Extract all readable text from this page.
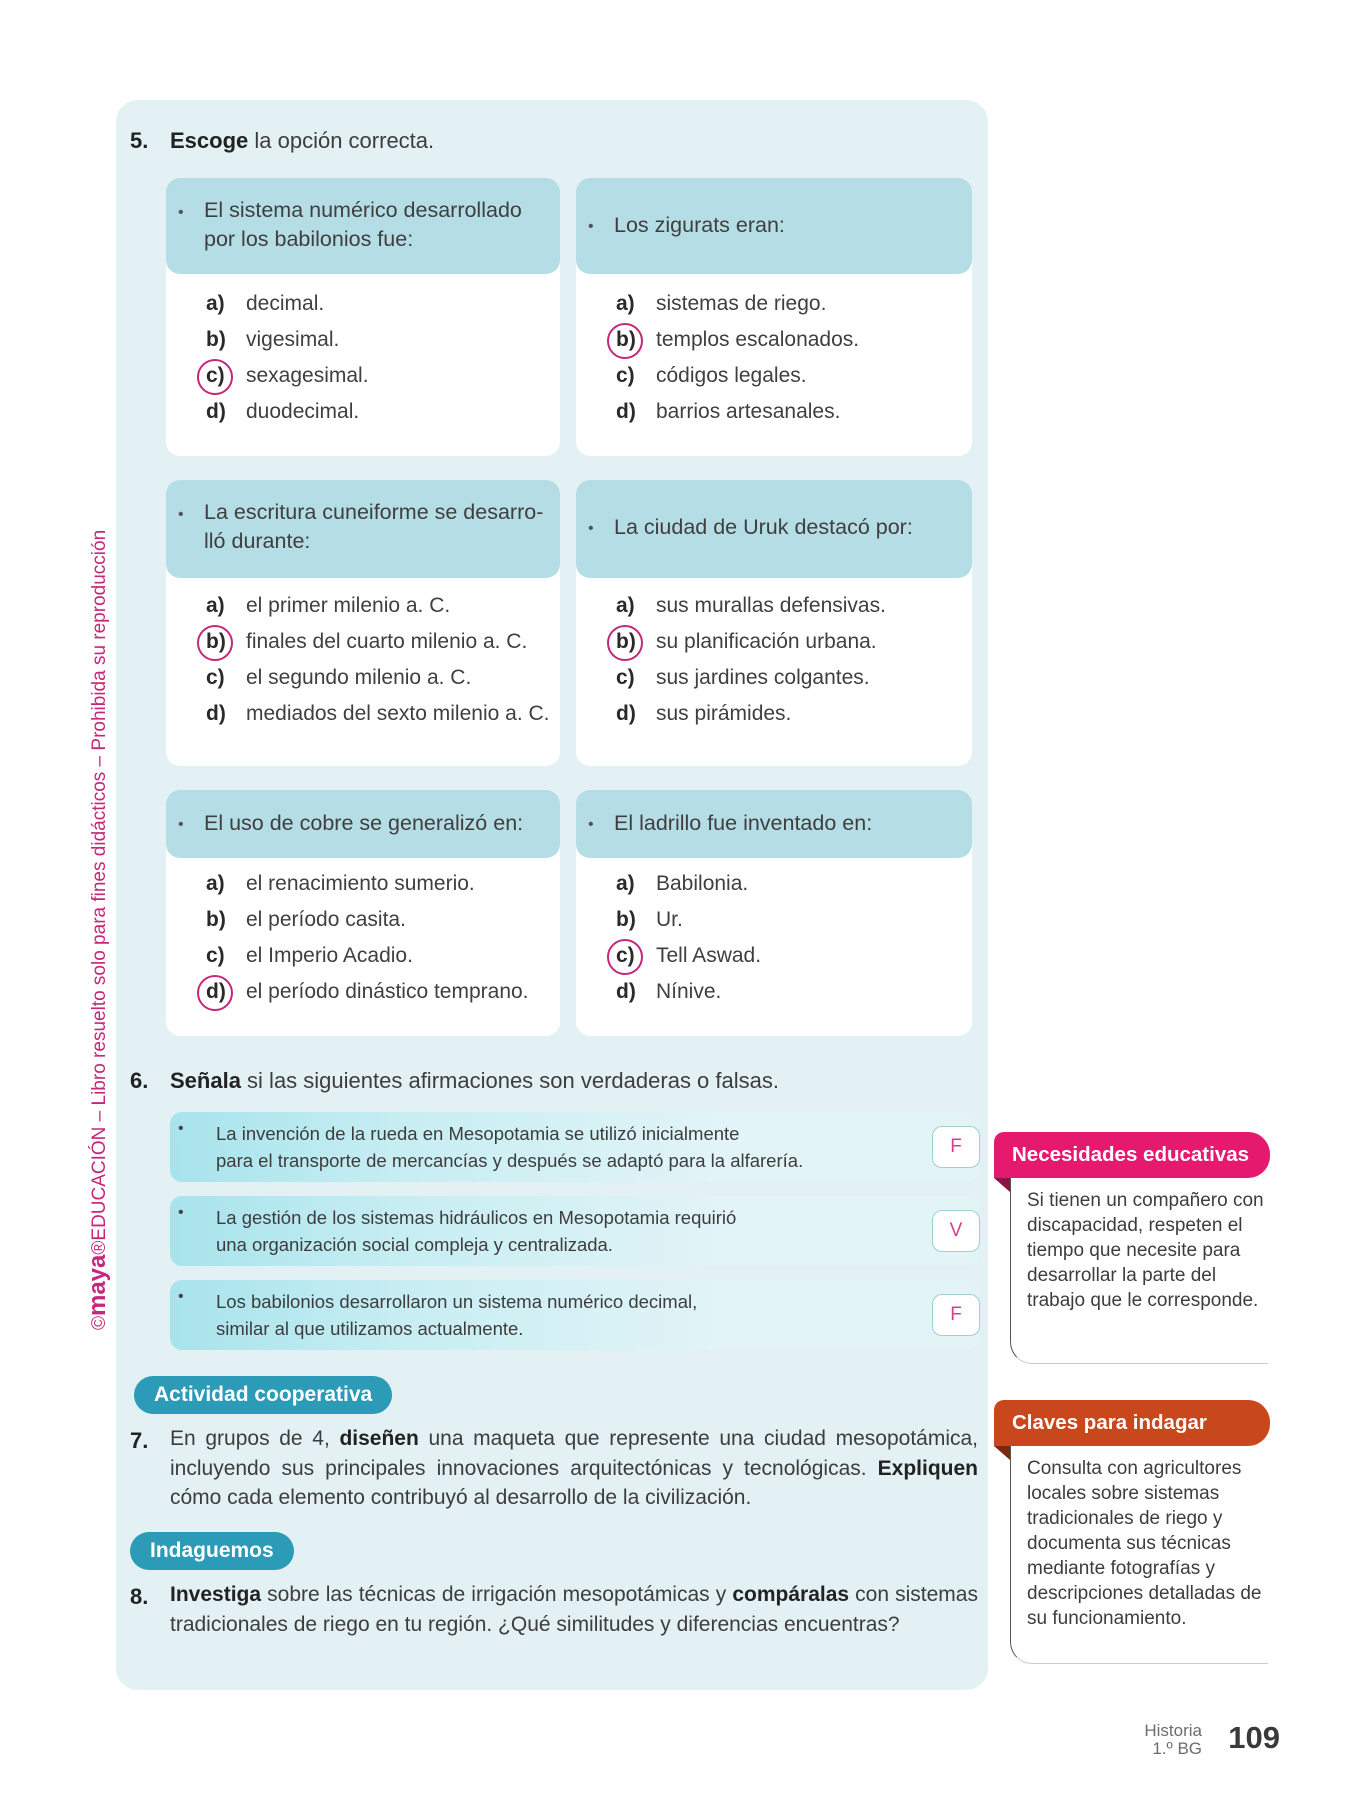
©maya®EDUCACIÓN – Libro resuelto solo para fines didácticos – Prohibida su reproducción
5. Escoge la opción correcta.
• El sistema numérico desarrollado por los babilonios fue:
a) decimal.
b) vigesimal.
c) sexagesimal.
d) duodecimal.
• Los zigurats eran:
a) sistemas de riego.
b) templos escalonados.
c) códigos legales.
d) barrios artesanales.
• La escritura cuneiforme se desarro-lló durante:
a) el primer milenio a. C.
b) finales del cuarto milenio a. C.
c) el segundo milenio a. C.
d) mediados del sexto milenio a. C.
• La ciudad de Uruk destacó por:
a) sus murallas defensivas.
b) su planificación urbana.
c) sus jardines colgantes.
d) sus pirámides.
• El uso de cobre se generalizó en:
a) el renacimiento sumerio.
b) el período casita.
c) el Imperio Acadio.
d) el período dinástico temprano.
• El ladrillo fue inventado en:
a) Babilonia.
b) Ur.
c) Tell Aswad.
d) Nínive.
6. Señala si las siguientes afirmaciones son verdaderas o falsas.
• La invención de la rueda en Mesopotamia se utilizó inicialmente
para el transporte de mercancías y después se adaptó para la alfarería.
F
• La gestión de los sistemas hidráulicos en Mesopotamia requirió
una organización social compleja y centralizada.
V
• Los babilonios desarrollaron un sistema numérico decimal,
similar al que utilizamos actualmente.
F
Actividad cooperativa
7. En grupos de 4, diseñen una maqueta que represente una ciudad mesopotámica, incluyendo sus principales innovaciones arquitectónicas y tecnológicas. Expliquen cómo cada elemento contribuyó al desarrollo de la civilización.
Indaguemos
8. Investiga sobre las técnicas de irrigación mesopotámicas y compáralas con sistemas tradicionales de riego en tu región. ¿Qué similitudes y diferencias encuentras?
Necesidades educativas
Si tienen un compañero con discapacidad, respeten el tiempo que necesite para desarrollar la parte del trabajo que le corresponde.
Claves para indagar
Consulta con agricultores locales sobre sistemas tradicionales de riego y documenta sus técnicas mediante fotografías y descripciones detalladas de su funcionamiento.
Historia
1.º BG 109
